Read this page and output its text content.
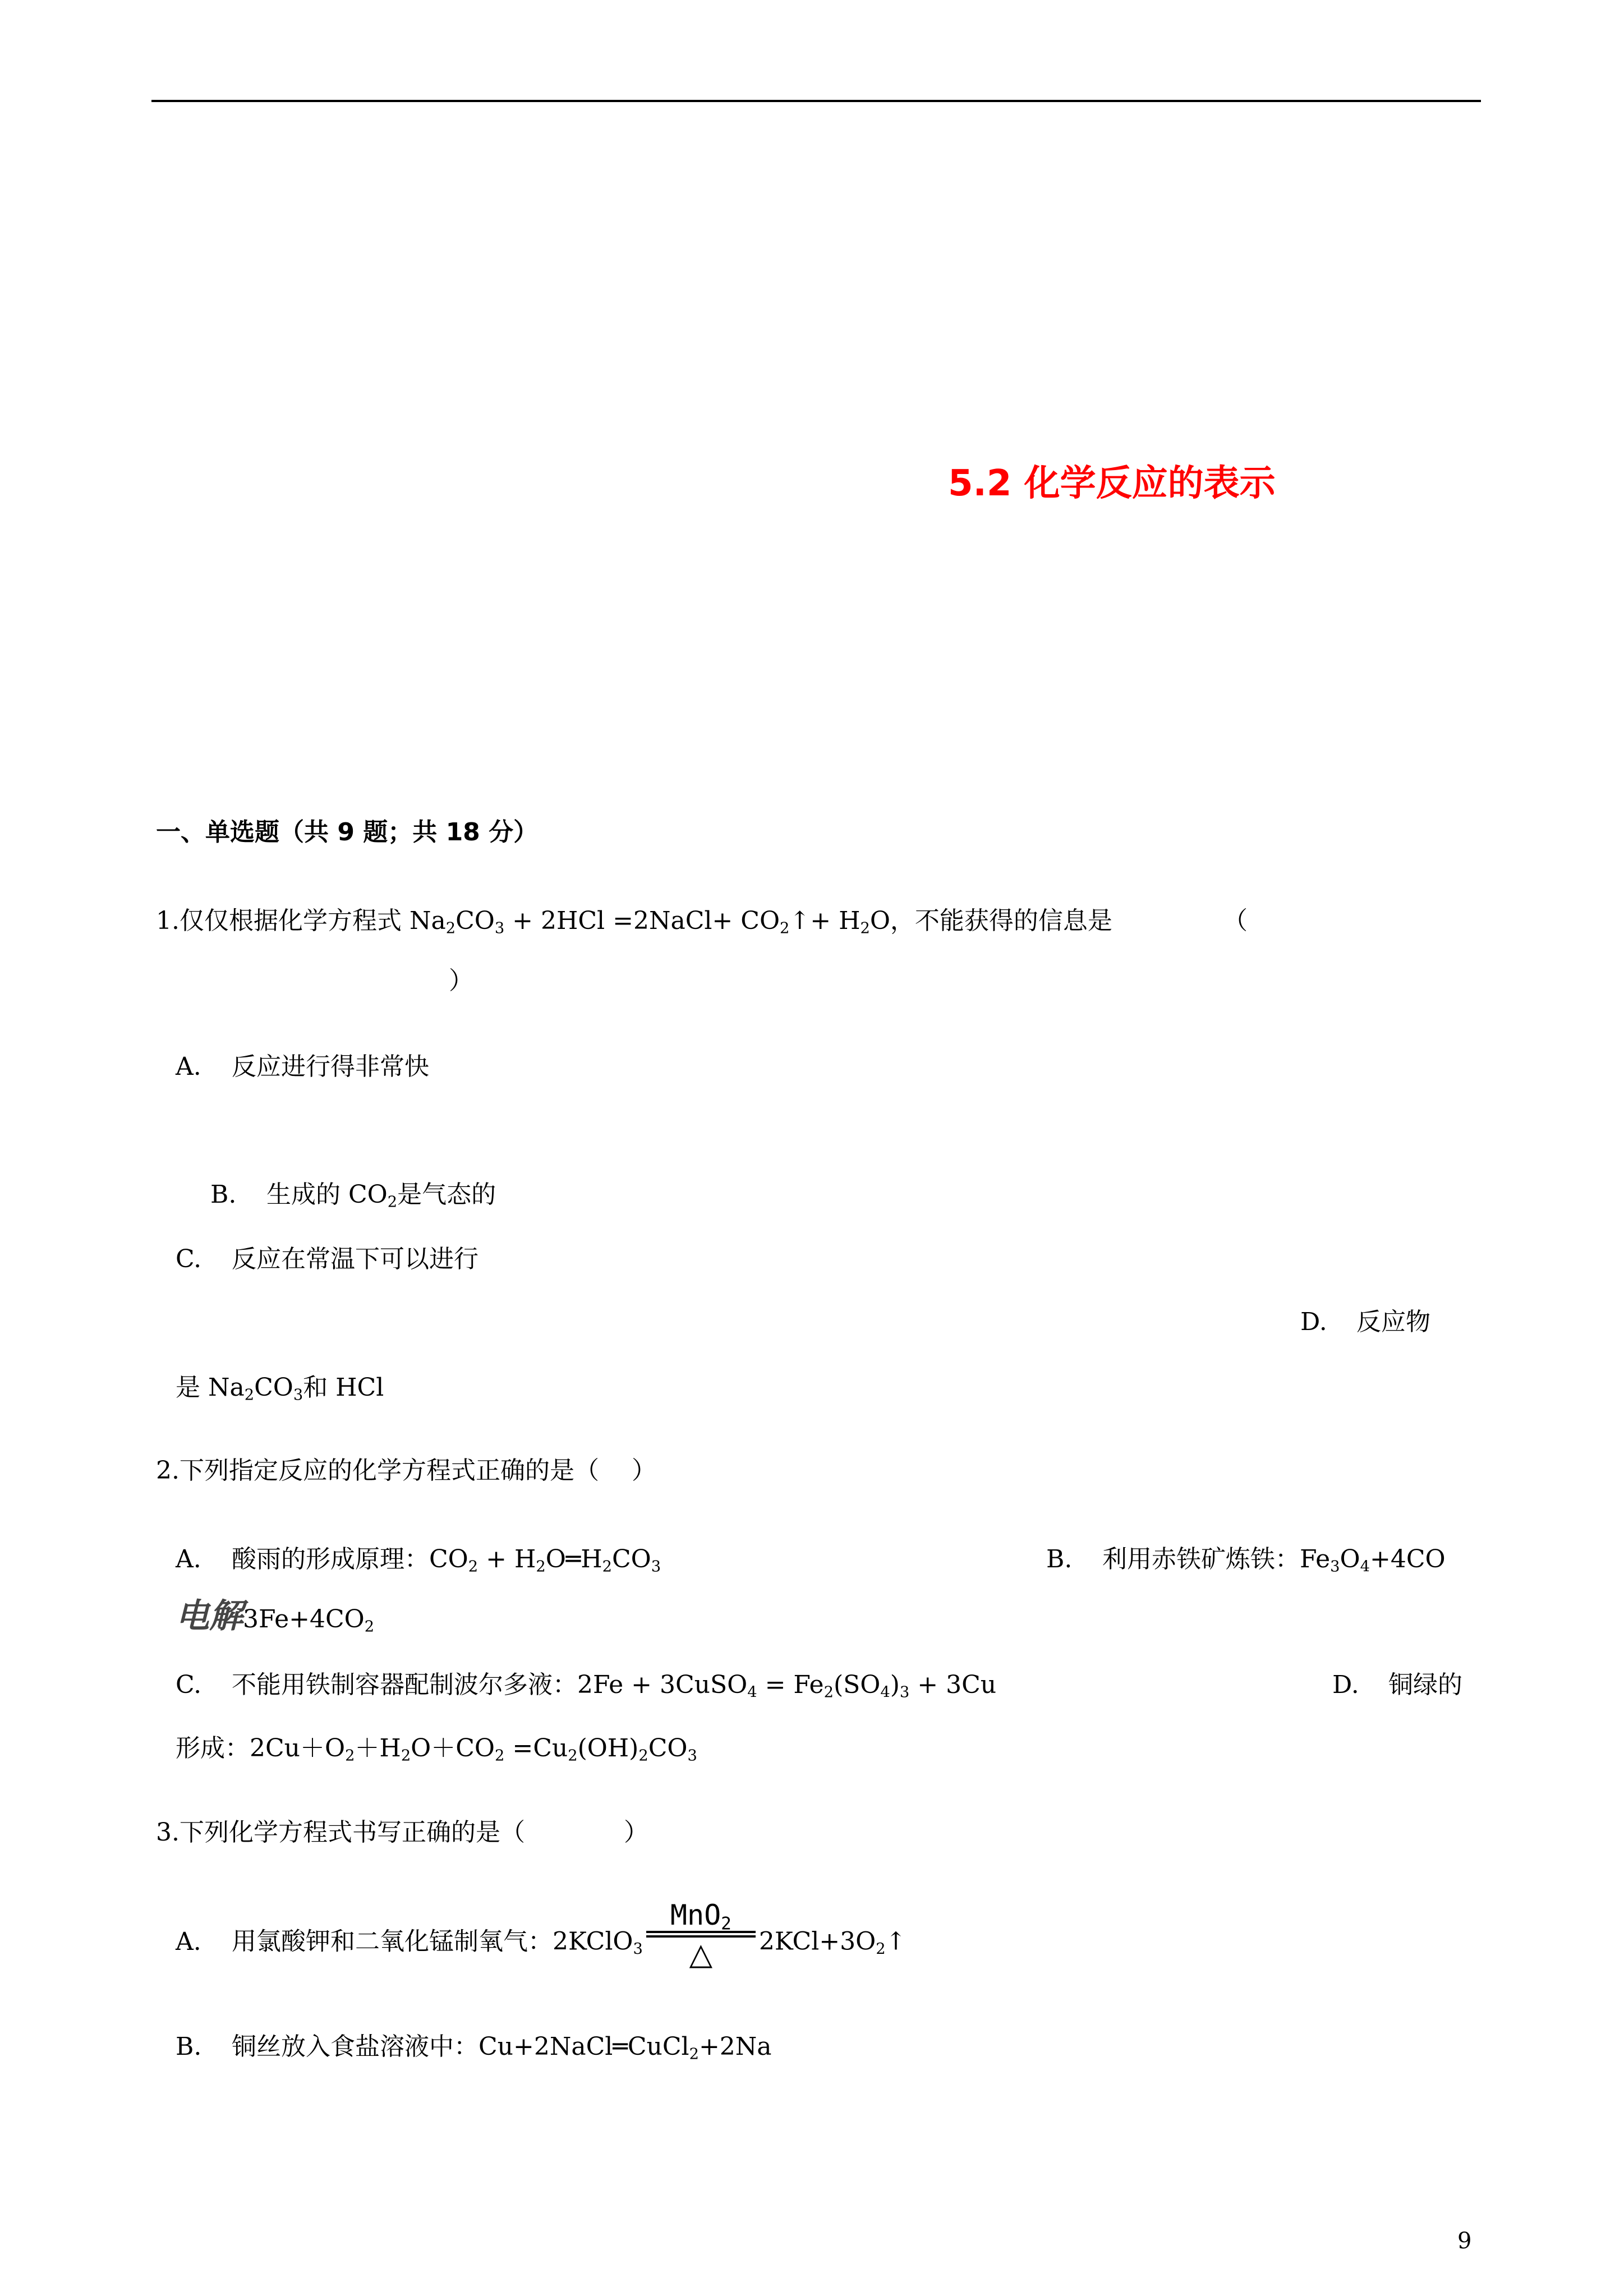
5.2 化学反应的表示
一、单选题（共 9 题；共 18 分）
1.仅仅根据化学方程式 $Na_2CO_3 + 2HCl$ =2NaCl+ $CO_2↑+ H_2O$，不能获得的信息是	（
）
A. 反应进行得非常快
B. 生成的 $CO_2$是气态的
C. 反应在常温下可以进行
D. 反应物
是 $Na_2CO_3$和 HCl
2.下列指定反应的化学方程式正确的是（　 ）
A. 酸雨的形成原理：$CO_2$ + $H_2O═H_2CO_3$	B. 利用赤铁矿炼铁：$Fe_3O_4+4CO$
电解$3Fe+4CO_2$
C. 不能用铁制容器配制波尔多液：2Fe + 3CuSO$_4$ = $Fe_2(SO_4)_3 + 3Cu$	D. 铜绿的
形成：$2Cu+O_2+H_2O+CO_2 =Cu_2(OH)_2CO_3$
3.下列化学方程式书写正确的是（　　　　）
A. 用氯酸钾和二氧化锰制氧气：2KClO$_3$
MnO$_2$
△ $2KCl+3O_2↑$
B. 铜丝放入食盐溶液中：Cu+2NaCl═CuCl$_2$+2Na
9
